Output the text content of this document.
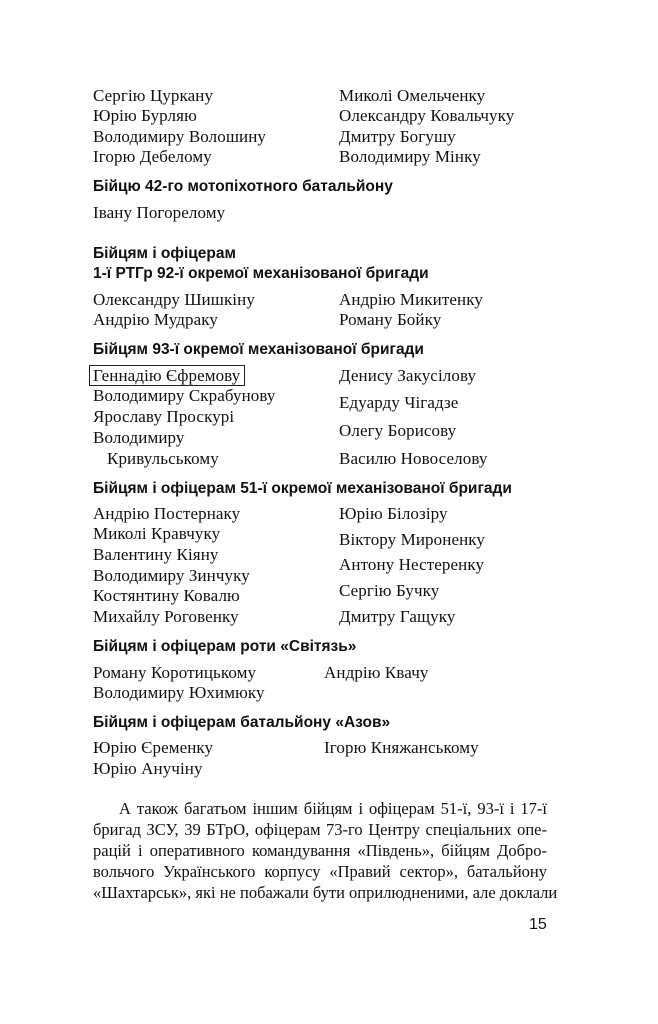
Сергію Цуркану
Юрію Бурляю
Володимиру Волошину
Ігорю Дебелому
Миколі Омельченку
Олександру Ковальчуку
Дмитру Богушу
Володимиру Мінку
Бійцю 42-го мотопіхотного батальйону
Івану Погорелому
Бійцям і офіцерам
1-ї РТГр 92-ї окремої механізованої бригади
Олександру Шишкіну
Андрію Мудраку
Андрію Микитенку
Роману Бойку
Бійцям 93-ї окремої механізованої бригади
Геннадію Єфремову
Володимиру Скрабунову
Ярославу Проскурі
Володимиру
Кривульському
Денису Закусілову
Едуарду Чігадзе
Олегу Борисову
Василю Новоселову
Бійцям і офіцерам 51-ї окремої механізованої бригади
Андрію Постернаку
Миколі Кравчуку
Валентину Кіяну
Володимиру Зинчуку
Костянтину Ковалю
Михайлу Роговенку
Юрію Білозіру
Віктору Мироненку
Антону Нестеренку
Сергію Бучку
Дмитру Гащуку
Бійцям і офіцерам роти «Світязь»
Роману Коротицькому
Володимиру Юхимюку
Андрію Квачу
Бійцям і офіцерам батальйону «Азов»
Юрію Єременку
Юрію Анучіну
Ігорю Княжанському
А також багатьом іншим бійцям і офіцерам 51-ї, 93-ї і 17-ї
бригад ЗСУ, 39 БТрО, офіцерам 73-го Центру спеціальних опе-
рацій і оперативного командування «Південь», бійцям Добро-
вольчого Українського корпусу «Правий сектор», батальйону
«Шахтарськ», які не побажали бути оприлюдненими, але доклали
15
